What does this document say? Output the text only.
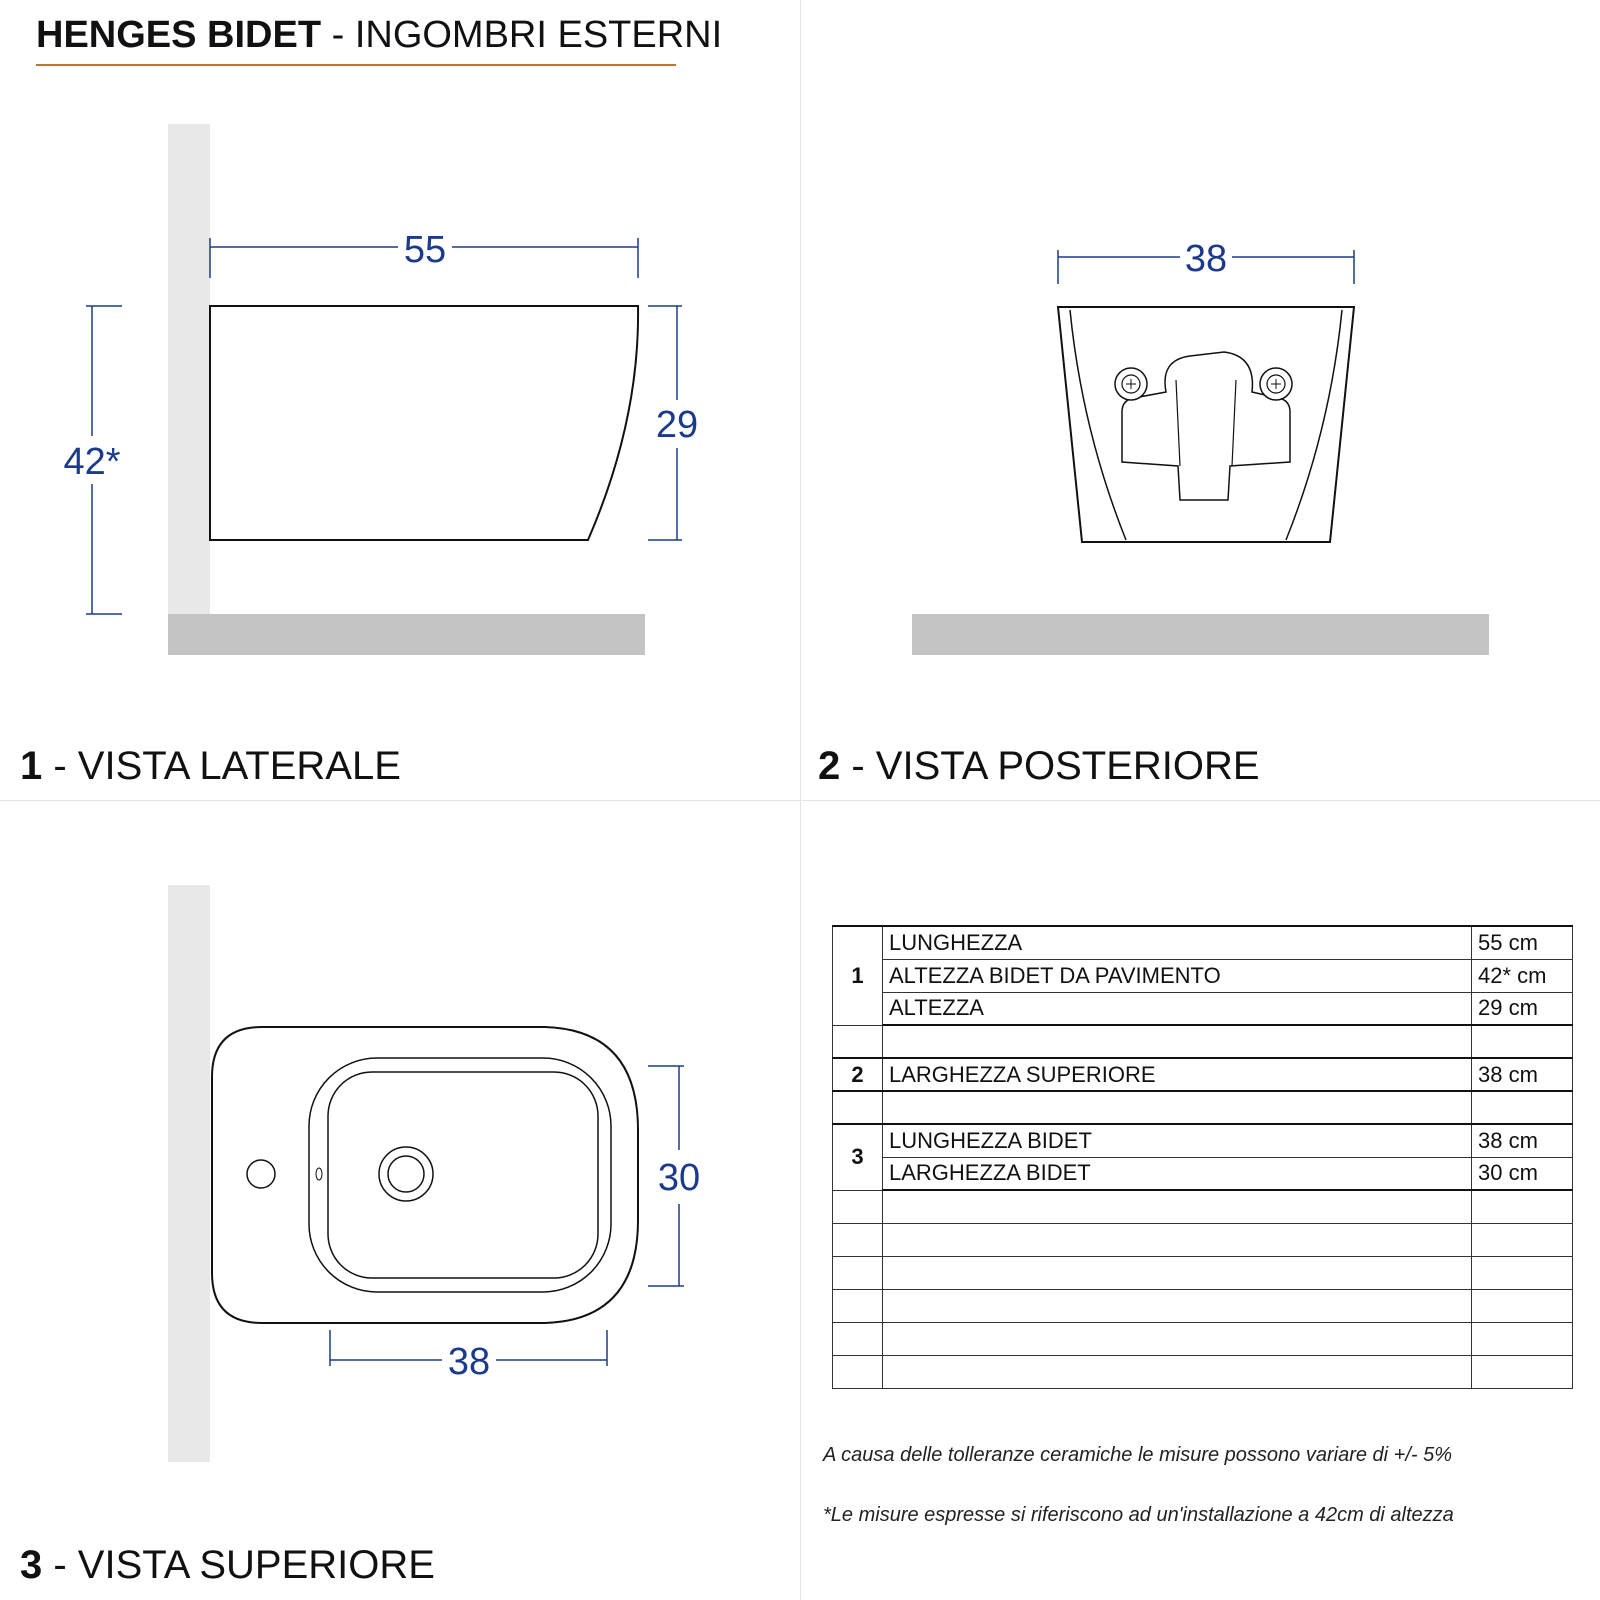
HENGES BIDET - INGOMBRI ESTERNI
55
42*
29
38
30
38
1 - VISTA LATERALE	2 - VISTA POSTERIORE
3 - VISTA SUPERIORE
1	LUNGHEZZA	55 cm
	ALTEZZA BIDET DA PAVIMENTO	42* cm
	ALTEZZA	29 cm

2	LARGHEZZA SUPERIORE	38 cm

3	LUNGHEZZA BIDET	38 cm
	LARGHEZZA BIDET	30 cm

A causa delle tolleranze ceramiche le misure possono variare di +/- 5%
*Le misure espresse si riferiscono ad un'installazione a 42cm di altezza
